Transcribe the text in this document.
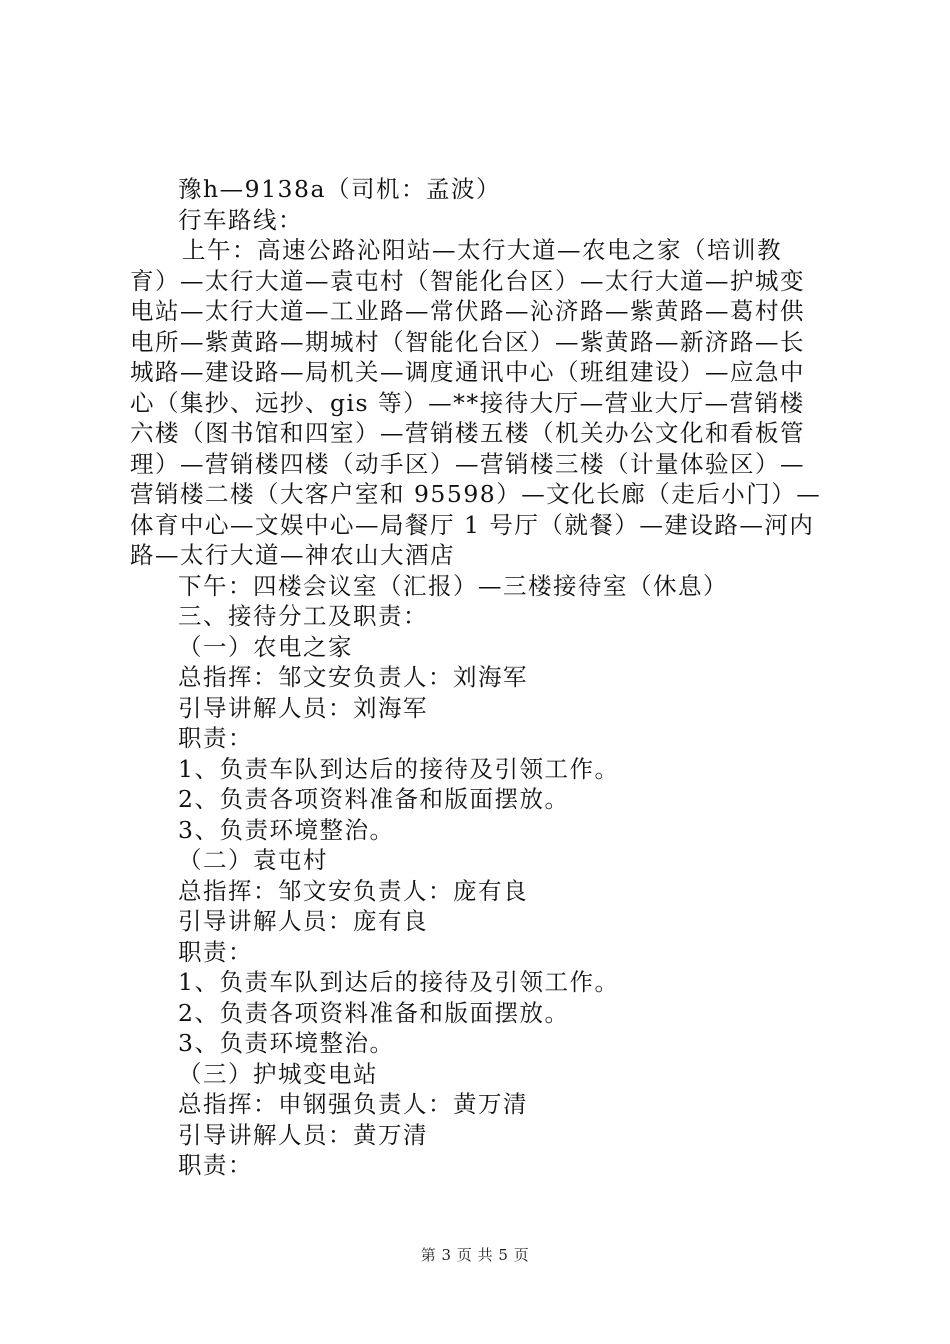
豫h—9138a（司机：孟波）
行车路线：
上午：高速公路沁阳站—太行大道—农电之家（培训教
育）—太行大道—袁屯村（智能化台区）—太行大道—护城变
电站—太行大道—工业路—常伏路—沁济路—紫黄路—葛村供
电所—紫黄路—期城村（智能化台区）—紫黄路—新济路—长
城路—建设路—局机关—调度通讯中心（班组建设）—应急中
心（集抄、远抄、gis 等）—**接待大厅—营业大厅—营销楼
六楼（图书馆和四室）—营销楼五楼（机关办公文化和看板管
理）—营销楼四楼（动手区）—营销楼三楼（计量体验区）—
营销楼二楼（大客户室和 95598）—文化长廊（走后小门）—
体育中心—文娱中心—局餐厅 1 号厅（就餐）—建设路—河内
路—太行大道—神农山大酒店
下午：四楼会议室（汇报）—三楼接待室（休息）
三、接待分工及职责：
（一）农电之家
总指挥：邹文安负责人：刘海军
引导讲解人员：刘海军
职责：
1、负责车队到达后的接待及引领工作。
2、负责各项资料准备和版面摆放。
3、负责环境整治。
（二）袁屯村
总指挥：邹文安负责人：庞有良
引导讲解人员：庞有良
职责：
1、负责车队到达后的接待及引领工作。
2、负责各项资料准备和版面摆放。
3、负责环境整治。
（三）护城变电站
总指挥：申钢强负责人：黄万清
引导讲解人员：黄万清
职责：
第 3 页 共 5 页
